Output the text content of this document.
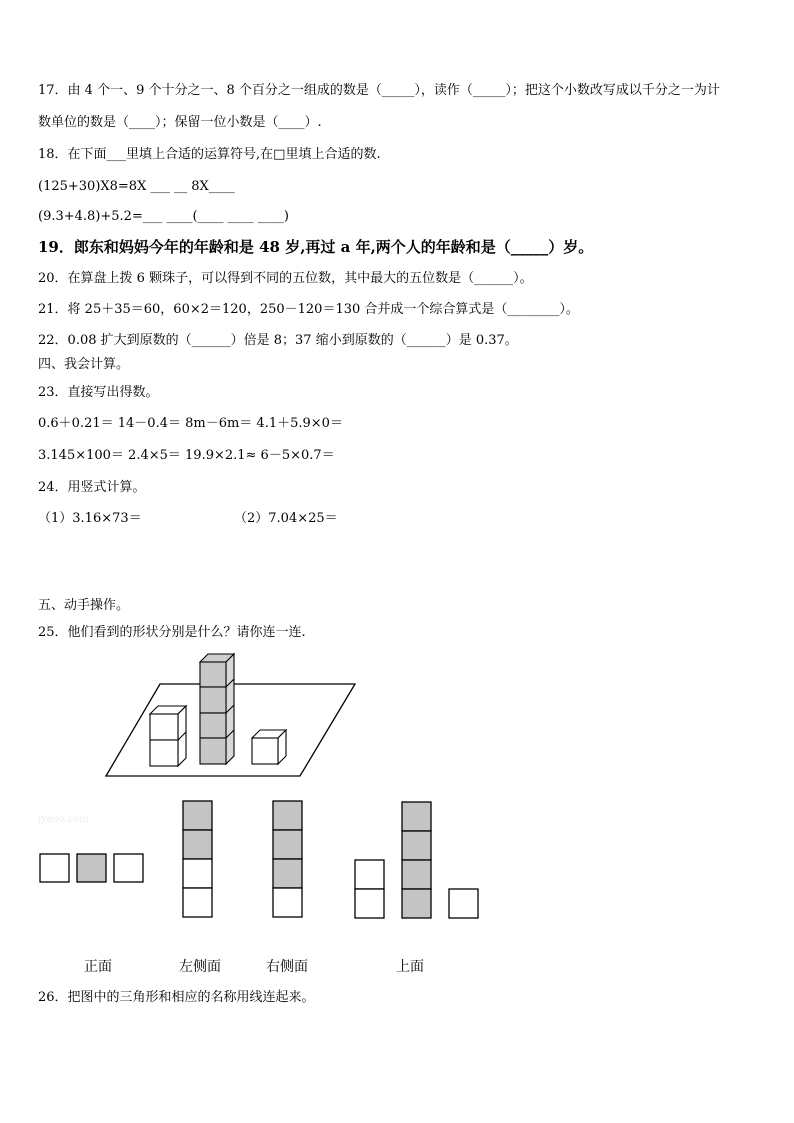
17．由 4 个一、9 个十分之一、8 个百分之一组成的数是（_____），读作（_____）；把这个小数改写成以千分之一为计
数单位的数是（____）；保留一位小数是（____）.
18．在下面___里填上合适的运算符号,在□里填上合适的数.
(125+30)X8=8X ___ __ 8X____
(9.3+4.8)+5.2=___ ____(____ ____ ____)
19．郎东和妈妈今年的年龄和是 48 岁,再过 a 年,两个人的年龄和是（_____）岁。
20．在算盘上拨 6 颗珠子，可以得到不同的五位数，其中最大的五位数是（______）。
21．将 25＋35＝60，60×2＝120，250－120＝130 合并成一个综合算式是（________）。
22．0.08 扩大到原数的（______）倍是 8；37 缩小到原数的（______）是 0.37。
四、我会计算。
23．直接写出得数。
0.6＋0.21＝ 14－0.4＝ 8m－6m＝ 4.1＋5.9×0＝
3.145×100＝ 2.4×5＝ 19.9×2.1≈ 6－5×0.7＝
24．用竖式计算。
（1）3.16×73＝	（2）7.04×25＝
五、动手操作。
25．他们看到的形状分别是什么？请你连一连.
jyeoo.com
正面	左侧面	右侧面	上面
26．把图中的三角形和相应的名称用线连起来。
